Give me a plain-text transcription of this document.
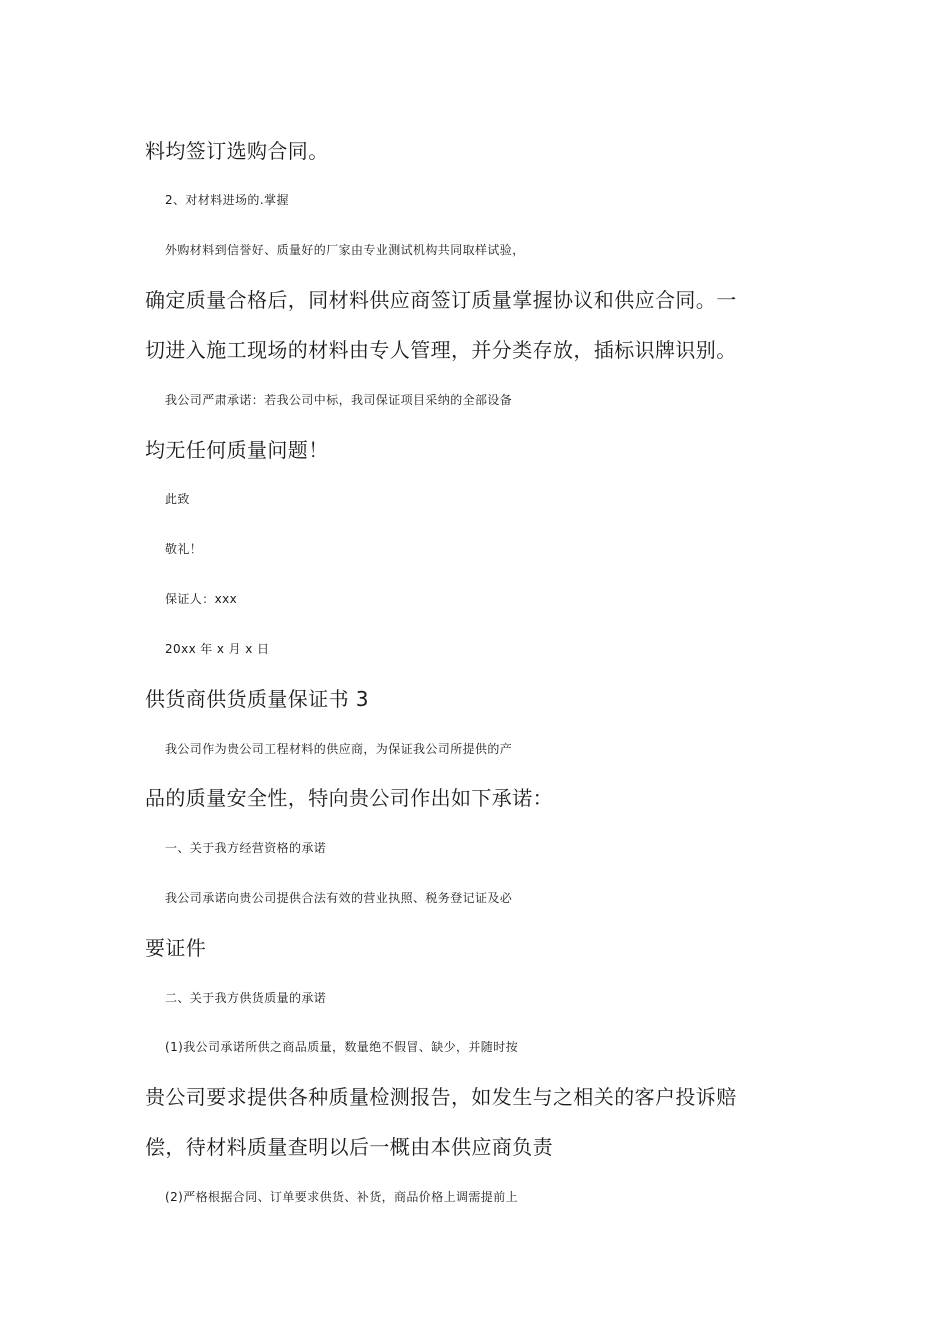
料均签订选购合同。
2、对材料进场的.掌握
外购材料到信誉好、质量好的厂家由专业测试机构共同取样试验，
确定质量合格后，同材料供应商签订质量掌握协议和供应合同。一
切进入施工现场的材料由专人管理，并分类存放，插标识牌识别。
我公司严肃承诺：若我公司中标，我司保证项目采纳的全部设备
均无任何质量问题！
此致
敬礼！
保证人：xxx
20xx 年 x 月 x 日
供货商供货质量保证书 3
我公司作为贵公司工程材料的供应商，为保证我公司所提供的产
品的质量安全性，特向贵公司作出如下承诺：
一、关于我方经营资格的承诺
我公司承诺向贵公司提供合法有效的营业执照、税务登记证及必
要证件
二、关于我方供货质量的承诺
(1)我公司承诺所供之商品质量，数量绝不假冒、缺少，并随时按
贵公司要求提供各种质量检测报告，如发生与之相关的客户投诉赔
偿，待材料质量查明以后一概由本供应商负责
(2)严格根据合同、订单要求供货、补货，商品价格上调需提前上
